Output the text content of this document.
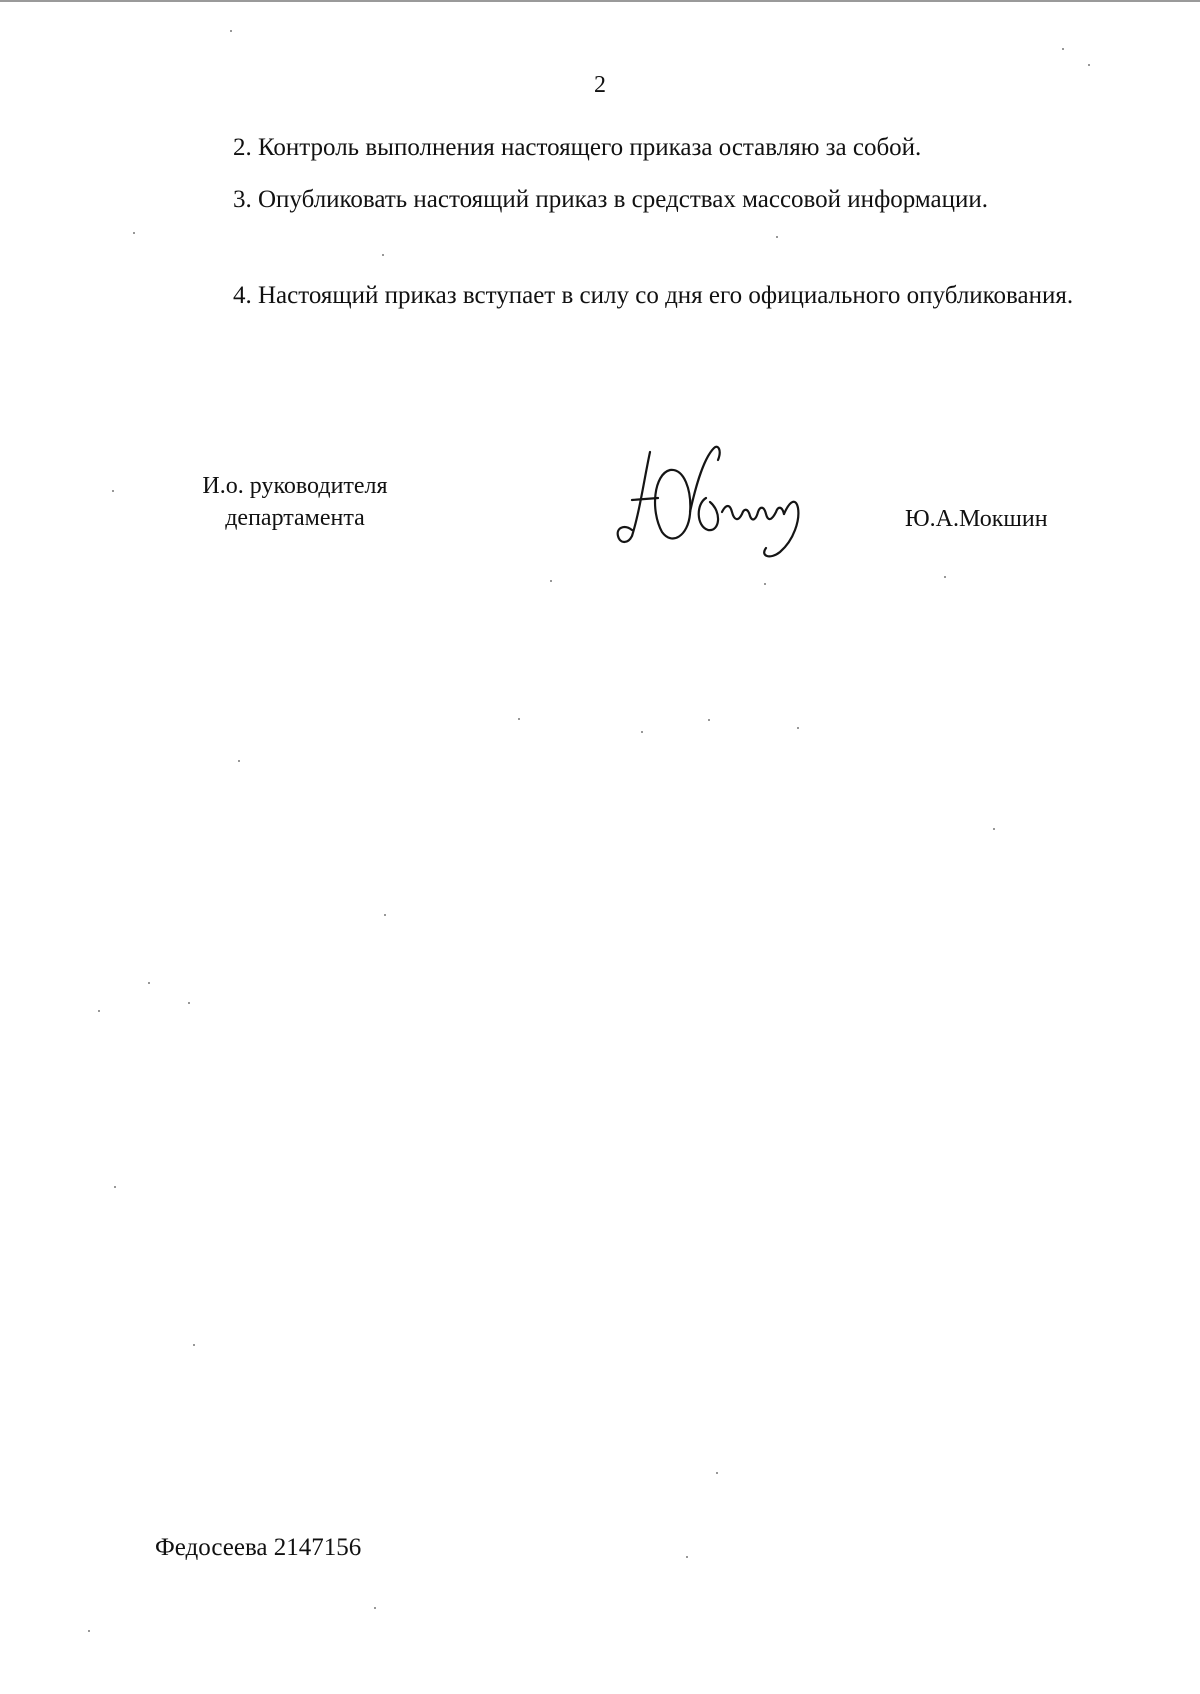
2

2. Контроль выполнения настоящего приказа оставляю за собой.

3. Опубликовать настоящий приказ в средствах массовой информации.

4. Настоящий приказ вступает в силу со дня его официального опубликования.

И.о. руководителя
департамента	Ю.А.Мокшин
Федосеева 2147156
